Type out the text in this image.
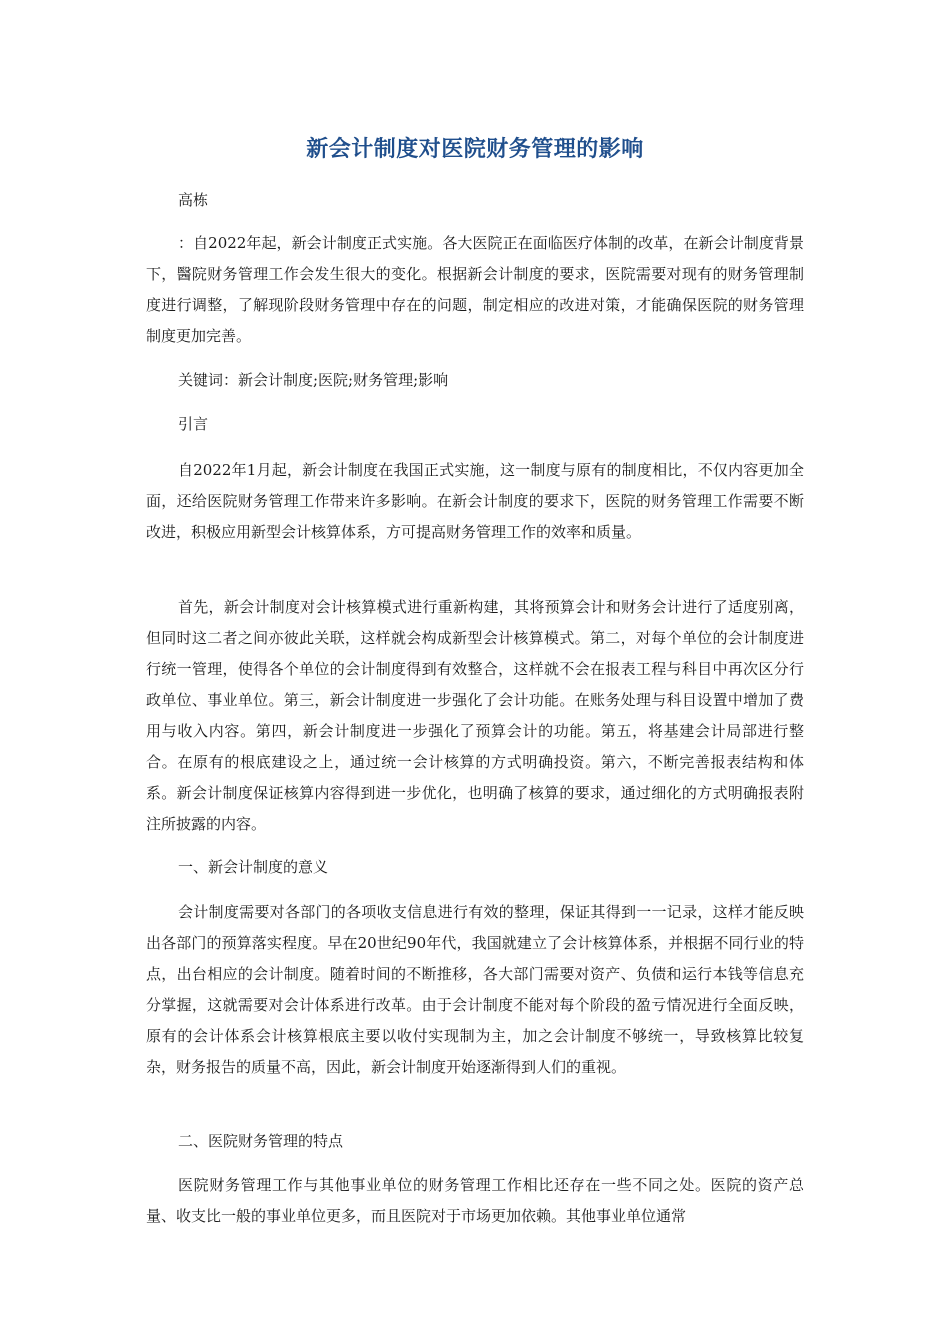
新会计制度对医院财务管理的影响

高栋

：自2022年起，新会计制度正式实施。各大医院正在面临医疗体制的改革，在新会计制度背景下，醫院财务管理工作会发生很大的变化。根据新会计制度的要求，医院需要对现有的财务管理制度进行调整，了解现阶段财务管理中存在的问题，制定相应的改进对策，才能确保医院的财务管理制度更加完善。

关键词：新会计制度;医院;财务管理;影响

引言

自2022年1月起，新会计制度在我国正式实施，这一制度与原有的制度相比，不仅内容更加全面，还给医院财务管理工作带来许多影响。在新会计制度的要求下，医院的财务管理工作需要不断改进，积极应用新型会计核算体系，方可提高财务管理工作的效率和质量。

首先，新会计制度对会计核算模式进行重新构建，其将预算会计和财务会计进行了适度别离，但同时这二者之间亦彼此关联，这样就会构成新型会计核算模式。第二，对每个单位的会计制度进行统一管理，使得各个单位的会计制度得到有效整合，这样就不会在报表工程与科目中再次区分行政单位、事业单位。第三，新会计制度进一步强化了会计功能。在账务处理与科目设置中增加了费用与收入内容。第四，新会计制度进一步强化了预算会计的功能。第五，将基建会计局部进行整合。在原有的根底建设之上，通过统一会计核算的方式明确投资。第六，不断完善报表结构和体系。新会计制度保证核算内容得到进一步优化，也明确了核算的要求，通过细化的方式明确报表附注所披露的内容。

一、新会计制度的意义

会计制度需要对各部门的各项收支信息进行有效的整理，保证其得到一一记录，这样才能反映出各部门的预算落实程度。早在20世纪90年代，我国就建立了会计核算体系，并根据不同行业的特点，出台相应的会计制度。随着时间的不断推移，各大部门需要对资产、负债和运行本钱等信息充分掌握，这就需要对会计体系进行改革。由于会计制度不能对每个阶段的盈亏情况进行全面反映，原有的会计体系会计核算根底主要以收付实现制为主，加之会计制度不够统一，导致核算比较复杂，财务报告的质量不高，因此，新会计制度开始逐渐得到人们的重视。

二、医院财务管理的特点

医院财务管理工作与其他事业单位的财务管理工作相比还存在一些不同之处。医院的资产总量、收支比一般的事业单位更多，而且医院对于市场更加依赖。其他事业单位通常
